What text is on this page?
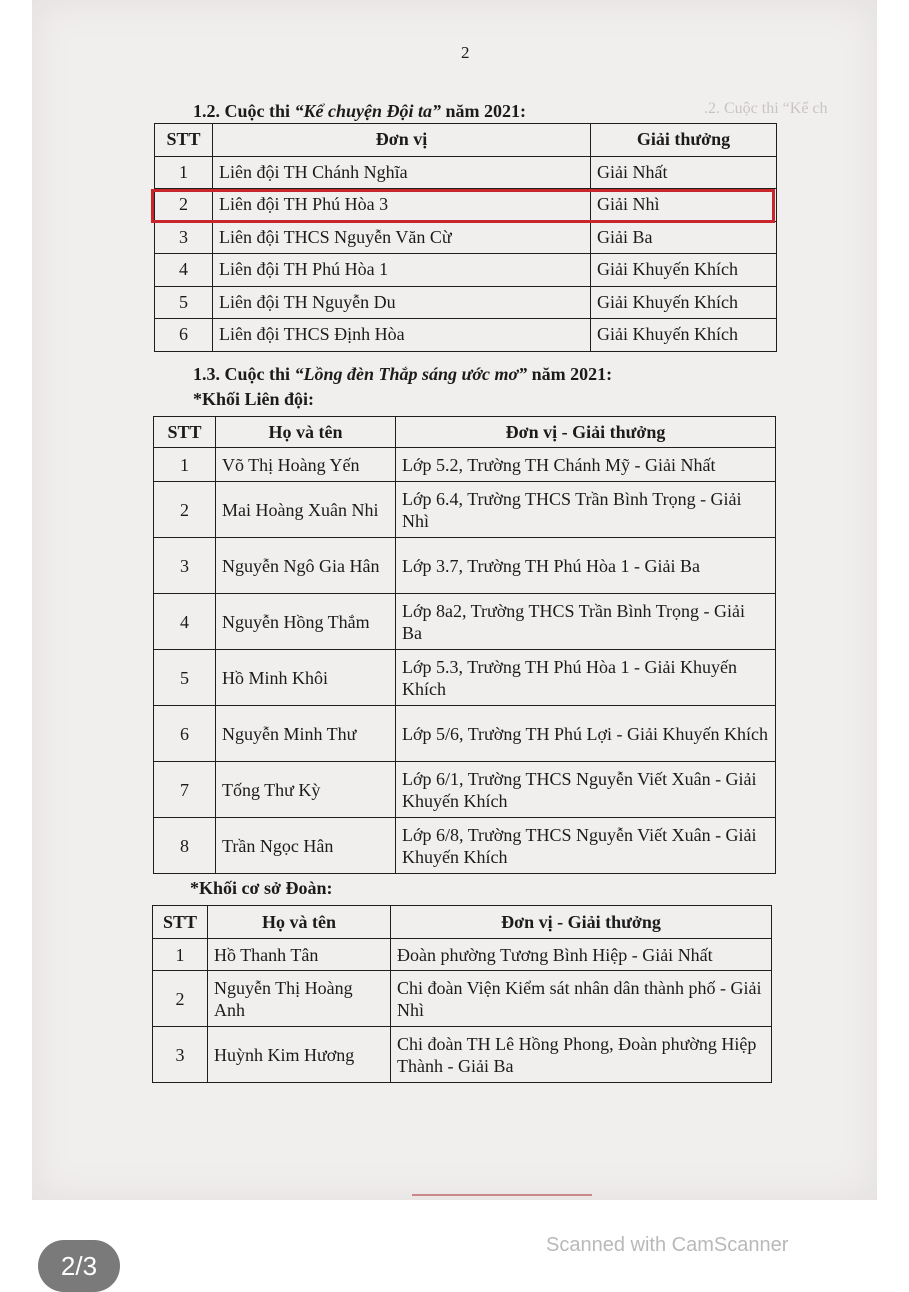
.2. Cuộc thi “Kể ch
2
1.2. Cuộc thi “Kể chuyện Đội ta” năm 2021:
STT	Đơn vị	Giải thưởng
1	Liên đội TH Chánh Nghĩa	Giải Nhất
2	Liên đội TH Phú Hòa 3	Giải Nhì
3	Liên đội THCS Nguyễn Văn Cừ	Giải Ba
4	Liên đội TH Phú Hòa 1	Giải Khuyến Khích
5	Liên đội TH Nguyễn Du	Giải Khuyến Khích
6	Liên đội THCS Định Hòa	Giải Khuyến Khích
1.3. Cuộc thi “Lồng đèn Thắp sáng ước mơ” năm 2021:
*Khối Liên đội:
STT	Họ và tên	Đơn vị - Giải thưởng
1	Võ Thị Hoàng Yến	Lớp 5.2, Trường TH Chánh Mỹ - Giải Nhất
2	Mai Hoàng Xuân Nhi	Lớp 6.4, Trường THCS Trần Bình Trọng - Giải Nhì
3	Nguyễn Ngô Gia Hân	Lớp 3.7, Trường TH Phú Hòa 1 - Giải Ba
4	Nguyễn Hồng Thắm	Lớp 8a2, Trường THCS Trần Bình Trọng - Giải Ba
5	Hồ Minh Khôi	Lớp 5.3, Trường TH Phú Hòa 1 - Giải Khuyến Khích
6	Nguyễn Minh Thư	Lớp 5/6, Trường TH Phú Lợi - Giải Khuyến Khích
7	Tống Thư Kỳ	Lớp 6/1, Trường THCS Nguyễn Viết Xuân - Giải Khuyến Khích
8	Trần Ngọc Hân	Lớp 6/8, Trường THCS Nguyễn Viết Xuân - Giải Khuyến Khích
*Khối cơ sở Đoàn:
STT	Họ và tên	Đơn vị - Giải thưởng
1	Hồ Thanh Tân	Đoàn phường Tương Bình Hiệp - Giải Nhất
2	Nguyễn Thị Hoàng Anh	Chi đoàn Viện Kiểm sát nhân dân thành phố - Giải Nhì
3	Huỳnh Kim Hương	Chi đoàn TH Lê Hồng Phong, Đoàn phường Hiệp Thành - Giải Ba
Scanned with CamScanner
2/3
